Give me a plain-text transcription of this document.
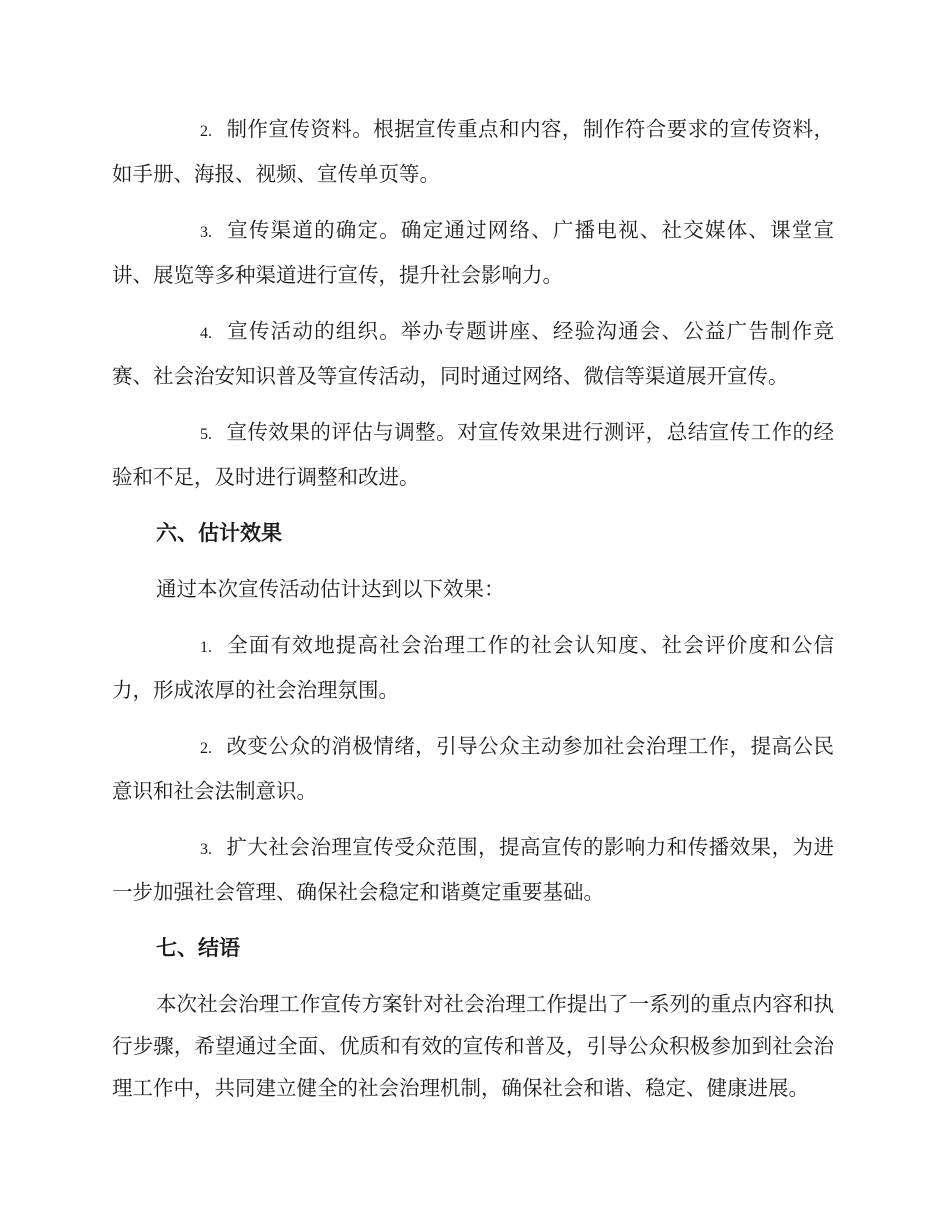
2. 制作宣传资料。根据宣传重点和内容，制作符合要求的宣传资料，如手册、海报、视频、宣传单页等。

3. 宣传渠道的确定。确定通过网络、广播电视、社交媒体、课堂宣讲、展览等多种渠道进行宣传，提升社会影响力。

4. 宣传活动的组织。举办专题讲座、经验沟通会、公益广告制作竞赛、社会治安知识普及等宣传活动，同时通过网络、微信等渠道展开宣传。

5. 宣传效果的评估与调整。对宣传效果进行测评，总结宣传工作的经验和不足，及时进行调整和改进。

六、估计效果

通过本次宣传活动估计达到以下效果：

1. 全面有效地提高社会治理工作的社会认知度、社会评价度和公信力，形成浓厚的社会治理氛围。

2. 改变公众的消极情绪，引导公众主动参加社会治理工作，提高公民意识和社会法制意识。

3. 扩大社会治理宣传受众范围，提高宣传的影响力和传播效果，为进一步加强社会管理、确保社会稳定和谐奠定重要基础。

七、结语

本次社会治理工作宣传方案针对社会治理工作提出了一系列的重点内容和执行步骤，希望通过全面、优质和有效的宣传和普及，引导公众积极参加到社会治理工作中，共同建立健全的社会治理机制，确保社会和谐、稳定、健康进展。
